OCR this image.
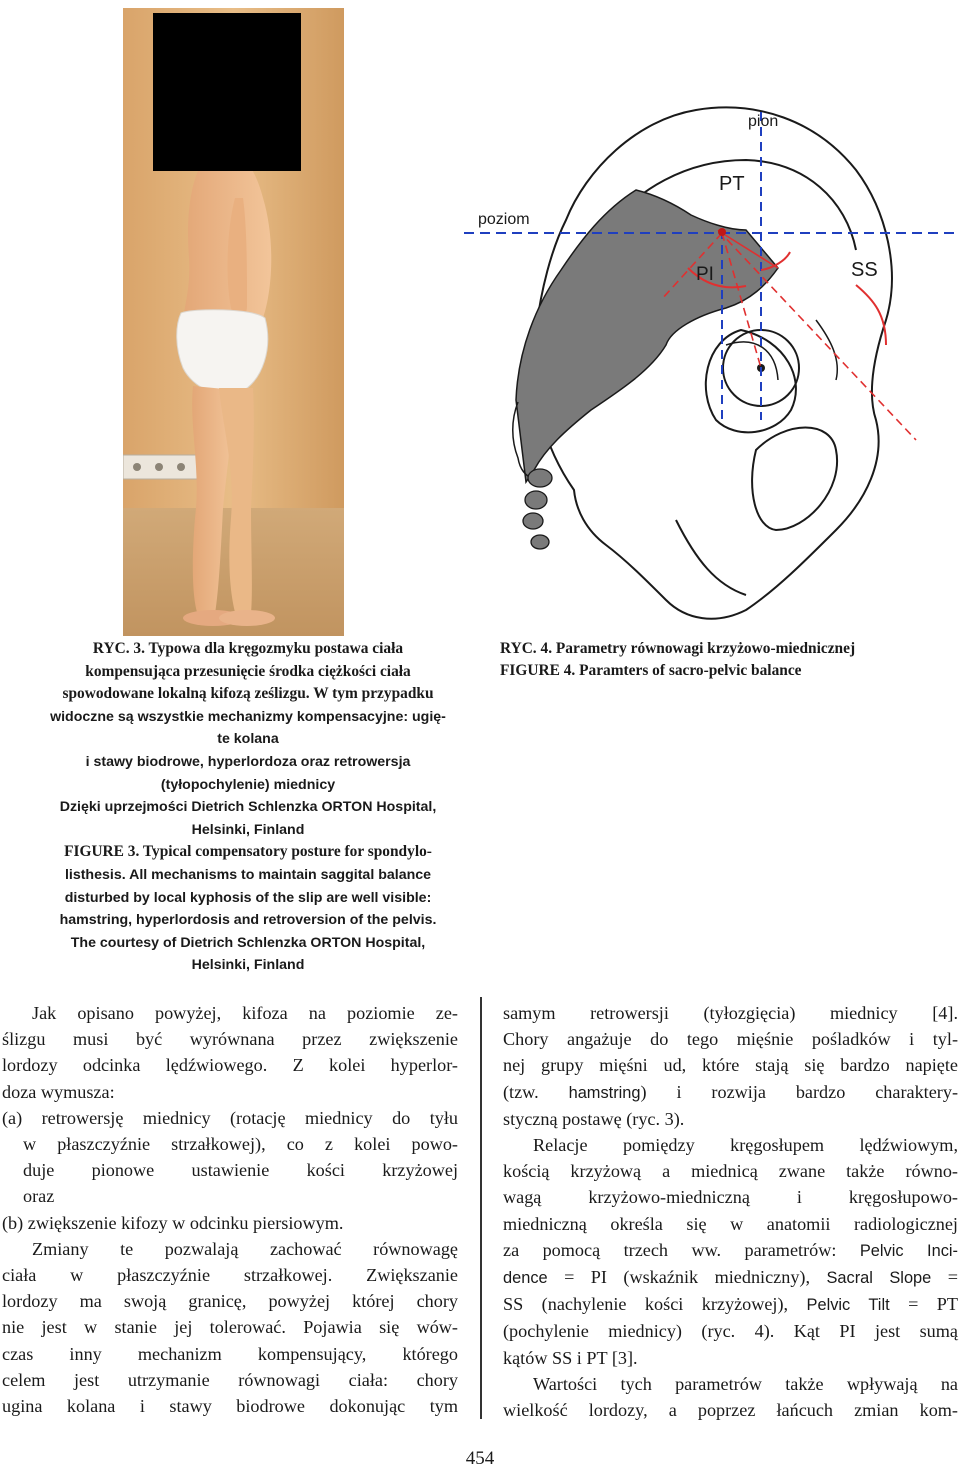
RYC. 3. Typowa dla kręgozmyku postawa ciała
kompensująca przesunięcie środka ciężkości ciała
spowodowane lokalną kifozą ześlizgu. W tym przypadku
widoczne są wszystkie mechanizmy kompensacyjne: ugię-
te kolana
i stawy biodrowe, hyperlordoza oraz retrowersja
(tyłopochylenie) miednicy
Dzięki uprzejmości Dietrich Schlenzka ORTON Hospital,
Helsinki, Finland
FIGURE 3. Typical compensatory posture for spondylo-
listhesis. All mechanisms to maintain saggital balance
disturbed by local kyphosis of the slip are well visible:
hamstring, hyperlordosis and retroversion of the pelvis.
The courtesy of Dietrich Schlenzka ORTON Hospital,
Helsinki, Finland
pion
poziom
PT
PI	SS
RYC. 4. Parametry równowagi krzyżowo-miednicznej
FIGURE 4. Paramters of sacro-pelvic balance
Jak opisano powyżej, kifoza na poziomie ze-
ślizgu musi być wyrównana przez zwiększenie
lordozy odcinka lędźwiowego. Z kolei hyperlor-
doza wymusza:
(a) retrowersję miednicy (rotację miednicy do tyłu
w płaszczyźnie strzałkowej), co z kolei powo-
duje pionowe ustawienie kości krzyżowej
oraz
(b) zwiększenie kifozy w odcinku piersiowym.
Zmiany te pozwalają zachować równowagę
ciała w płaszczyźnie strzałkowej. Zwiększanie
lordozy ma swoją granicę, powyżej której chory
nie jest w stanie jej tolerować. Pojawia się wów-
czas inny mechanizm kompensujący, którego
celem jest utrzymanie równowagi ciała: chory
ugina kolana i stawy biodrowe dokonując tym
samym retrowersji (tyłozgięcia) miednicy [4].
Chory angażuje do tego mięśnie pośladków i tyl-
nej grupy mięśni ud, które stają się bardzo napięte
(tzw. hamstring) i rozwija bardzo charaktery-
styczną postawę (ryc. 3).
Relacje pomiędzy kręgosłupem lędźwiowym,
kością krzyżową a miednicą zwane także równo-
wagą krzyżowo-miedniczną i kręgosłupowo-
miedniczną określa się w anatomii radiologicznej
za pomocą trzech ww. parametrów: Pelvic Inci-
dence = PI (wskaźnik miedniczny), Sacral Slope =
SS (nachylenie kości krzyżowej), Pelvic Tilt = PT
(pochylenie miednicy) (ryc. 4). Kąt PI jest sumą
kątów SS i PT [3].
Wartości tych parametrów także wpływają na
wielkość lordozy, a poprzez łańcuch zmian kom-
454
